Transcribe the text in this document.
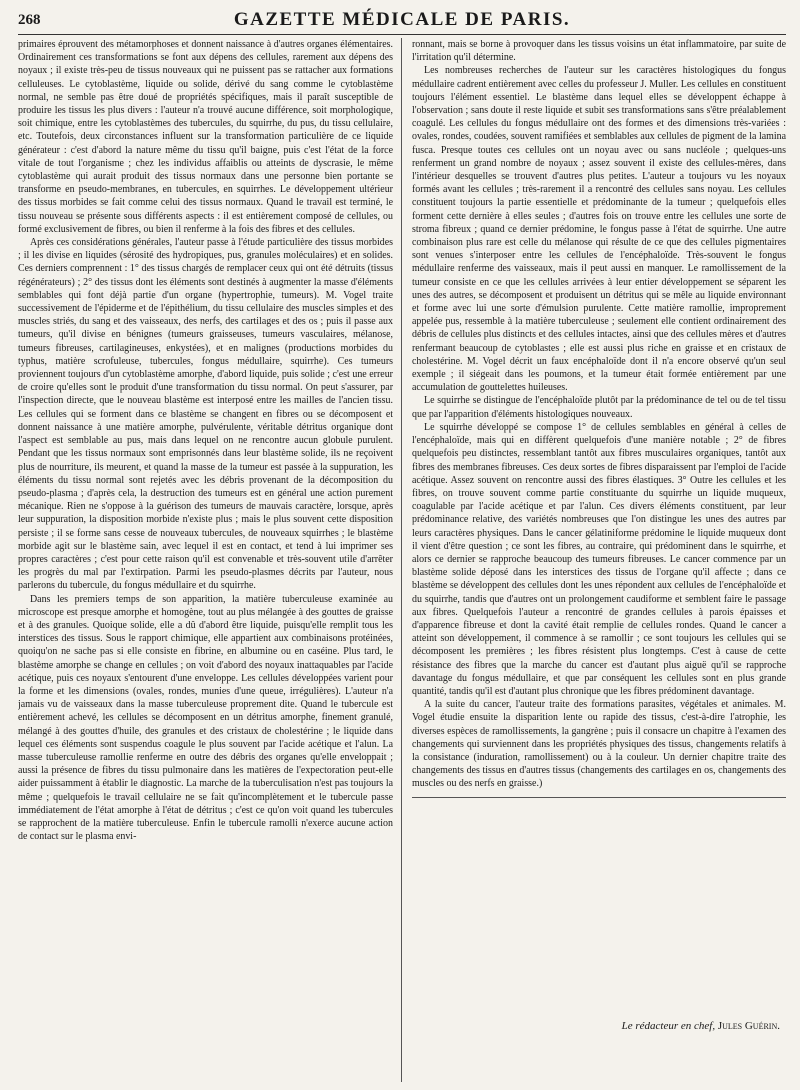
268	GAZETTE MÉDICALE DE PARIS.

primaires éprouvent des métamorphoses et donnent naissance à d'autres organes élémentaires. Ordinairement ces transformations se font aux dépens des cellules, rarement aux dépens des noyaux ; il existe très-peu de tissus nouveaux qui ne puissent pas se rattacher aux formations celluleuses. Le cytoblastème, liquide ou solide, dérivé du sang comme le cytoblastème normal, ne semble pas être doué de propriétés spécifiques, mais il paraît susceptible de produire les tissus les plus divers : l'auteur n'a trouvé aucune différence, soit morphologique, soit chimique, entre les cytoblastèmes des tubercules, du squirrhe, du pus, du tissu cellulaire, etc. Toutefois, deux circonstances influent sur la transformation particulière de ce liquide générateur : c'est d'abord la nature même du tissu qu'il baigne, puis c'est l'état de la force vitale de tout l'organisme ; chez les individus affaiblis ou atteints de dyscrasie, le même cytoblastème qui aurait produit des tissus normaux dans une personne bien portante se transforme en pseudo-membranes, en tubercules, en squirrhes. Le développement ultérieur des tissus morbides se fait comme celui des tissus normaux. Quand le travail est terminé, le tissu nouveau se présente sous différents aspects : il est entièrement composé de cellules, ou formé exclusivement de fibres, ou bien il renferme à la fois des fibres et des cellules.

Après ces considérations générales, l'auteur passe à l'étude particulière des tissus morbides ; il les divise en liquides (sérosité des hydropiques, pus, granules moléculaires) et en solides. Ces derniers comprennent : 1° des tissus chargés de remplacer ceux qui ont été détruits (tissus régénérateurs) ; 2° des tissus dont les éléments sont destinés à augmenter la masse d'éléments semblables qui font déjà partie d'un organe (hypertrophie, tumeurs). M. Vogel traite successivement de l'épiderme et de l'épithélium, du tissu cellulaire des muscles simples et des muscles striés, du sang et des vaisseaux, des nerfs, des cartilages et des os ; puis il passe aux tumeurs, qu'il divise en bénignes (tumeurs graisseuses, tumeurs vasculaires, mélanose, tumeurs fibreuses, cartilagineuses, enkystées), et en malignes (productions morbides du typhus, matière scrofuleuse, tubercules, fongus médullaire, squirrhe). Ces tumeurs proviennent toujours d'un cytoblastème amorphe, d'abord liquide, puis solide ; c'est une erreur de croire qu'elles sont le produit d'une transformation du tissu normal. On peut s'assurer, par l'inspection directe, que le nouveau blastème est interposé entre les mailles de l'ancien tissu. Les cellules qui se forment dans ce blastème se changent en fibres ou se décomposent et donnent naissance à une matière amorphe, pulvérulente, véritable détritus organique dont l'aspect est semblable au pus, mais dans lequel on ne rencontre aucun globule purulent. Pendant que les tissus normaux sont emprisonnés dans leur blastème solide, ils ne reçoivent plus de nourriture, ils meurent, et quand la masse de la tumeur est passée à la suppuration, les éléments du tissu normal sont rejetés avec les débris provenant de la décomposition du pseudo-plasma ; d'après cela, la destruction des tumeurs est en général une action purement mécanique. Rien ne s'oppose à la guérison des tumeurs de mauvais caractère, lorsque, après leur suppuration, la disposition morbide n'existe plus ; mais le plus souvent cette disposition persiste ; il se forme sans cesse de nouveaux tubercules, de nouveaux squirrhes ; le blastème morbide agit sur le blastème sain, avec lequel il est en contact, et tend à lui imprimer ses propres caractères ; c'est pour cette raison qu'il est convenable et très-souvent utile d'arrêter les progrès du mal par l'extirpation. Parmi les pseudo-plasmes décrits par l'auteur, nous parlerons du tubercule, du fongus médullaire et du squirrhe.

Dans les premiers temps de son apparition, la matière tuberculeuse examinée au microscope est presque amorphe et homogène, tout au plus mélangée à des gouttes de graisse et à des granules. Quoique solide, elle a dû d'abord être liquide, puisqu'elle remplit tous les interstices des tissus. Sous le rapport chimique, elle appartient aux combinaisons protéinées, quoiqu'on ne sache pas si elle consiste en fibrine, en albumine ou en caséine. Plus tard, le blastème amorphe se change en cellules ; on voit d'abord des noyaux inattaquables par l'acide acétique, puis ces noyaux s'entourent d'une enveloppe. Les cellules développées varient pour la forme et les dimensions (ovales, rondes, munies d'une queue, irrégulières). L'auteur n'a jamais vu de vaisseaux dans la masse tuberculeuse proprement dite. Quand le tubercule est entièrement achevé, les cellules se décomposent en un détritus amorphe, finement granulé, mélangé à des gouttes d'huile, des granules et des cristaux de cholestérine ; le liquide dans lequel ces éléments sont suspendus coagule le plus souvent par l'acide acétique et l'alun. La masse tuberculeuse ramollie renferme en outre des débris des organes qu'elle enveloppait ; aussi la présence de fibres du tissu pulmonaire dans les matières de l'expectoration peut-elle aider puissamment à établir le diagnostic. La marche de la tuberculisation n'est pas toujours la même ; quelquefois le travail cellulaire ne se fait qu'incomplètement et le tubercule passe immédiatement de l'état amorphe à l'état de détritus ; c'est ce qu'on voit quand les tubercules se rapprochent de la matière tuberculeuse. Enfin le tubercule ramolli n'exerce aucune action de contact sur le plasma envi-

ronnant, mais se borne à provoquer dans les tissus voisins un état inflammatoire, par suite de l'irritation qu'il détermine.

Les nombreuses recherches de l'auteur sur les caractères histologiques du fongus médullaire cadrent entièrement avec celles du professeur J. Muller. Les cellules en constituent toujours l'élément essentiel. Le blastème dans lequel elles se développent échappe à l'observation ; sans doute il reste liquide et subit ses transformations sans s'être préalablement coagulé. Les cellules du fongus médullaire ont des formes et des dimensions très-variées : ovales, rondes, coudées, souvent ramifiées et semblables aux cellules de pigment de la lamina fusca. Presque toutes ces cellules ont un noyau avec ou sans nucléole ; quelques-uns renferment un grand nombre de noyaux ; assez souvent il existe des cellules-mères, dans l'intérieur desquelles se trouvent d'autres plus petites. L'auteur a toujours vu les noyaux formés avant les cellules ; très-rarement il a rencontré des cellules sans noyau. Les cellules constituent toujours la partie essentielle et prédominante de la tumeur ; quelquefois elles forment cette dernière à elles seules ; d'autres fois on trouve entre les cellules une sorte de stroma fibreux ; quand ce dernier prédomine, le fongus passe à l'état de squirrhe. Une autre combinaison plus rare est celle du mélanose qui résulte de ce que des cellules pigmentaires sont venues s'interposer entre les cellules de l'encéphaloïde. Très-souvent le fongus médullaire renferme des vaisseaux, mais il peut aussi en manquer. Le ramollissement de la tumeur consiste en ce que les cellules arrivées à leur entier développement se séparent les unes des autres, se décomposent et produisent un détritus qui se mêle au liquide environnant et forme avec lui une sorte d'émulsion purulente. Cette matière ramollie, improprement appelée pus, ressemble à la matière tuberculeuse ; seulement elle contient ordinairement des débris de cellules plus distincts et des cellules intactes, ainsi que des cellules mères et d'autres renfermant beaucoup de cytoblastes ; elle est aussi plus riche en graisse et en cristaux de cholestérine. M. Vogel décrit un faux encéphaloïde dont il n'a encore observé qu'un seul exemple ; il siégeait dans les poumons, et la tumeur était formée entièrement par une accumulation de gouttelettes huileuses.

Le squirrhe se distingue de l'encéphaloïde plutôt par la prédominance de tel ou de tel tissu que par l'apparition d'éléments histologiques nouveaux.

Le squirrhe développé se compose 1° de cellules semblables en général à celles de l'encéphaloïde, mais qui en diffèrent quelquefois d'une manière notable ; 2° de fibres quelquefois peu distinctes, ressemblant tantôt aux fibres musculaires organiques, tantôt aux fibres des membranes fibreuses. Ces deux sortes de fibres disparaissent par l'emploi de l'acide acétique. Assez souvent on rencontre aussi des fibres élastiques. 3° Outre les cellules et les fibres, on trouve souvent comme partie constituante du squirrhe un liquide muqueux, coagulable par l'acide acétique et par l'alun. Ces divers éléments constituent, par leur prédominance relative, des variétés nombreuses que l'on distingue les unes des autres par leurs caractères physiques. Dans le cancer gélatiniforme prédomine le liquide muqueux dont il vient d'être question ; ce sont les fibres, au contraire, qui prédominent dans le squirrhe, et alors ce dernier se rapproche beaucoup des tumeurs fibreuses. Le cancer commence par un blastème solide déposé dans les interstices des tissus de l'organe qu'il affecte ; dans ce blastème se développent des cellules dont les unes répondent aux cellules de l'encéphaloïde et du squirrhe, tandis que d'autres ont un prolongement caudiforme et semblent faire le passage aux fibres. Quelquefois l'auteur a rencontré de grandes cellules à parois épaisses et d'apparence fibreuse et dont la cavité était remplie de cellules rondes. Quand le cancer a atteint son développement, il commence à se ramollir ; ce sont toujours les cellules qui se décomposent les premières ; les fibres résistent plus longtemps. C'est à cause de cette résistance des fibres que la marche du cancer est d'autant plus aiguë qu'il se rapproche davantage du fongus médullaire, et que par conséquent les cellules sont en plus grande quantité, tandis qu'il est d'autant plus chronique que les fibres prédominent davantage.

A la suite du cancer, l'auteur traite des formations parasites, végétales et animales. M. Vogel étudie ensuite la disparition lente ou rapide des tissus, c'est-à-dire l'atrophie, les diverses espèces de ramollissements, la gangrène ; puis il consacre un chapitre à l'examen des changements qui surviennent dans les propriétés physiques des tissus, changements relatifs à la consistance (induration, ramollissement) ou à la couleur. Un dernier chapitre traite des changements des tissus en d'autres tissus (changements des cartilages en os, changements des muscles ou des nerfs en graisse.)

Le rédacteur en chef, Jules Guérin.
